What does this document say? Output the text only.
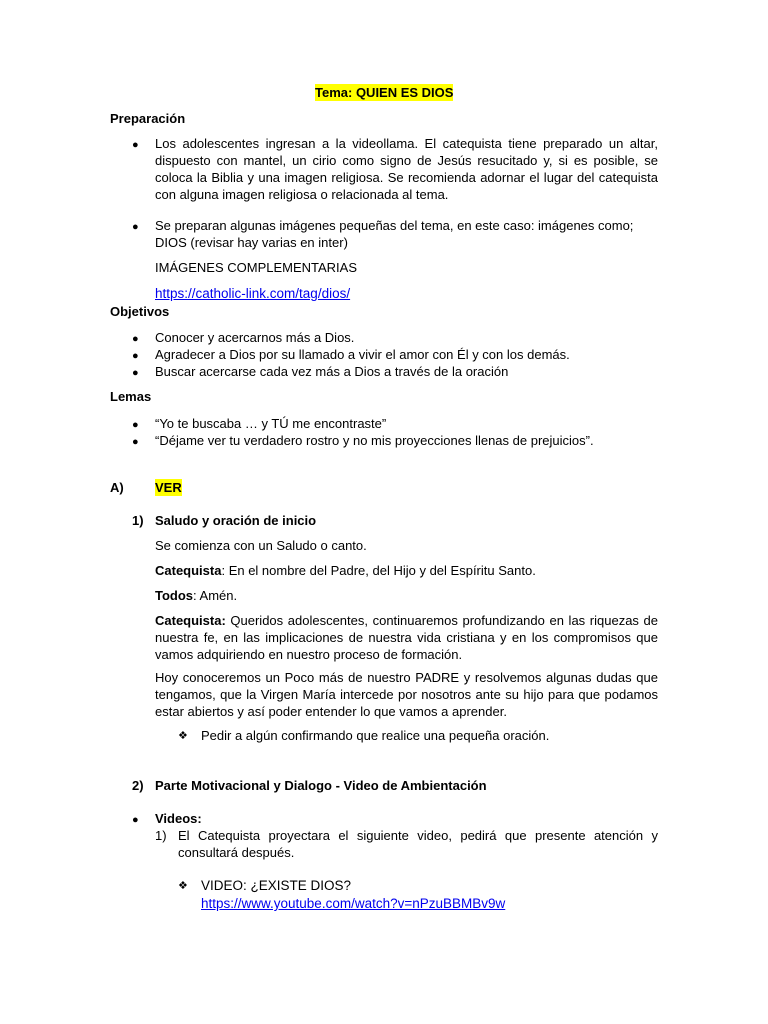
Tema: QUIEN ES DIOS
Preparación
● Los adolescentes ingresan a la videollama. El catequista tiene preparado un altar, dispuesto con mantel, un cirio como signo de Jesús resucitado y, si es posible, se coloca la Biblia y una imagen religiosa. Se recomienda adornar el lugar del catequista con alguna imagen religiosa o relacionada al tema.
● Se preparan algunas imágenes pequeñas del tema, en este caso: imágenes como;
DIOS (revisar hay varias en inter)
IMÁGENES COMPLEMENTARIAS
https://catholic-link.com/tag/dios/
Objetivos
● Conocer y acercarnos más a Dios.
● Agradecer a Dios por su llamado a vivir el amor con Él y con los demás.
● Buscar acercarse cada vez más a Dios a través de la oración
Lemas
● “Yo te buscaba … y TÚ me encontraste”
● “Déjame ver tu verdadero rostro y no mis proyecciones llenas de prejuicios”.
A) VER
1) Saludo y oración de inicio
Se comienza con un Saludo o canto.
Catequista: En el nombre del Padre, del Hijo y del Espíritu Santo.
Todos: Amén.
Catequista: Queridos adolescentes, continuaremos profundizando en las riquezas de nuestra fe, en las implicaciones de nuestra vida cristiana y en los compromisos que vamos adquiriendo en nuestro proceso de formación.
Hoy conoceremos un Poco más de nuestro PADRE y resolvemos algunas dudas que tengamos, que la Virgen María intercede por nosotros ante su hijo para que podamos estar abiertos y así poder entender lo que vamos a aprender.
❖ Pedir a algún confirmando que realice una pequeña oración.
2) Parte Motivacional y Dialogo - Video de Ambientación
● Videos:
1) El Catequista proyectara el siguiente video, pedirá que presente atención y consultará después.
❖ VIDEO: ¿EXISTE DIOS?
https://www.youtube.com/watch?v=nPzuBBMBv9w
